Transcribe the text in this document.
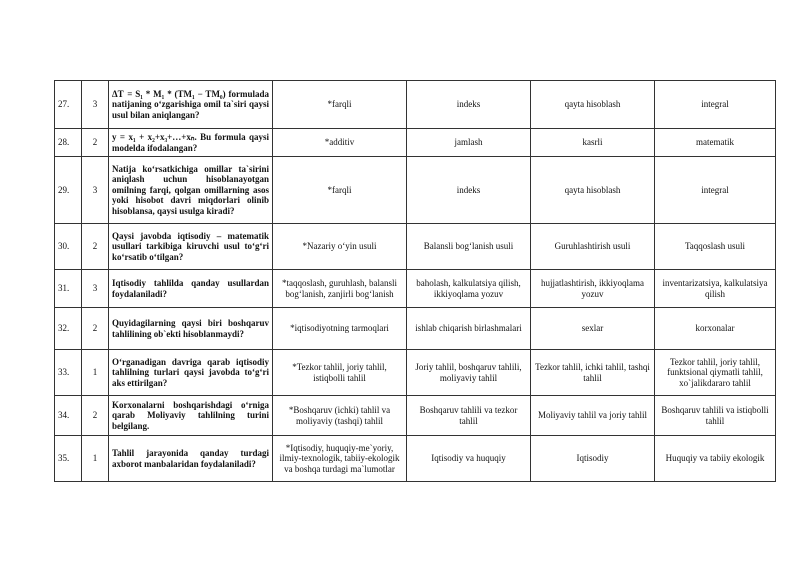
27.	3	ΔT  = S₁ * M₁ * (TM₁ − TM₀) formulada natijaning o‘zgarishiga omil ta`siri qaysi usul bilan aniqlangan?	*farqli	indeks	qayta hisoblash	integral
28.	2	y = x₁ + x₂+x₃+…+xₙ. Bu formula qaysi modelda ifodalangan?	*additiv	jamlash	kasrli	matematik
29.	3	Natija ko‘rsatkichiga omillar ta`sirini aniqlash uchun hisoblanayotgan omilning farqi, qolgan omillarning asos yoki hisobot davri miqdorlari olinib hisoblansa, qaysi usulga kiradi?	*farqli	indeks	qayta hisoblash	integral
30.	2	Qaysi javobda iqtisodiy – matematik usullari tarkibiga kiruvchi usul to‘g‘ri ko‘rsatib o‘tilgan?	*Nazariy o‘yin usuli	Balansli bog‘lanish usuli	Guruhlashtirish usuli	Taqqoslash usuli
31.	3	Iqtisodiy tahlilda qanday usullardan foydalaniladi?	*taqqoslash, guruhlash, balansli bog‘lanish, zanjirli bog‘lanish	baholash, kalkulatsiya qilish, ikkiyoqlama yozuv	hujjatlashtirish, ikkiyoqlama yozuv	inventarizatsiya, kalkulatsiya qilish
32.	2	Quyidagilarning qaysi biri boshqaruv tahlilining ob`ekti hisoblanmaydi?	*iqtisodiyotning tarmoqlari	ishlab chiqarish birlashmalari	sexlar	korxonalar
33.	1	O‘rganadigan davriga qarab iqtisodiy tahlilning turlari qaysi javobda to‘g‘ri aks ettirilgan?	*Tezkor tahlil, joriy tahlil, istiqbolli tahlil	Joriy tahlil, boshqaruv tahlili, moliyaviy tahlil	Tezkor tahlil, ichki tahlil, tashqi tahlil	Tezkor tahlil, joriy tahlil, funktsional qiymatli tahlil, xo`jalikdararo tahlil
34.	2	Korxonalarni boshqarishdagi o‘rniga qarab Moliyaviy tahlilning turini belgilang.	*Boshqaruv (ichki) tahlil va moliyaviy (tashqi) tahlil	Boshqaruv tahlili va tezkor tahlil	Moliyaviy tahlil va joriy tahlil	Boshqaruv tahlili va istiqbolli tahlil
35.	1	Tahlil jarayonida qanday turdagi axborot manbalaridan foydalaniladi?	*Iqtisodiy, huquqiy-me`yoriy, ilmiy-texnologik, tabiiy-ekologik va boshqa turdagi ma`lumotlar	Iqtisodiy va huquqiy	Iqtisodiy	Huquqiy va tabiiy ekologik
